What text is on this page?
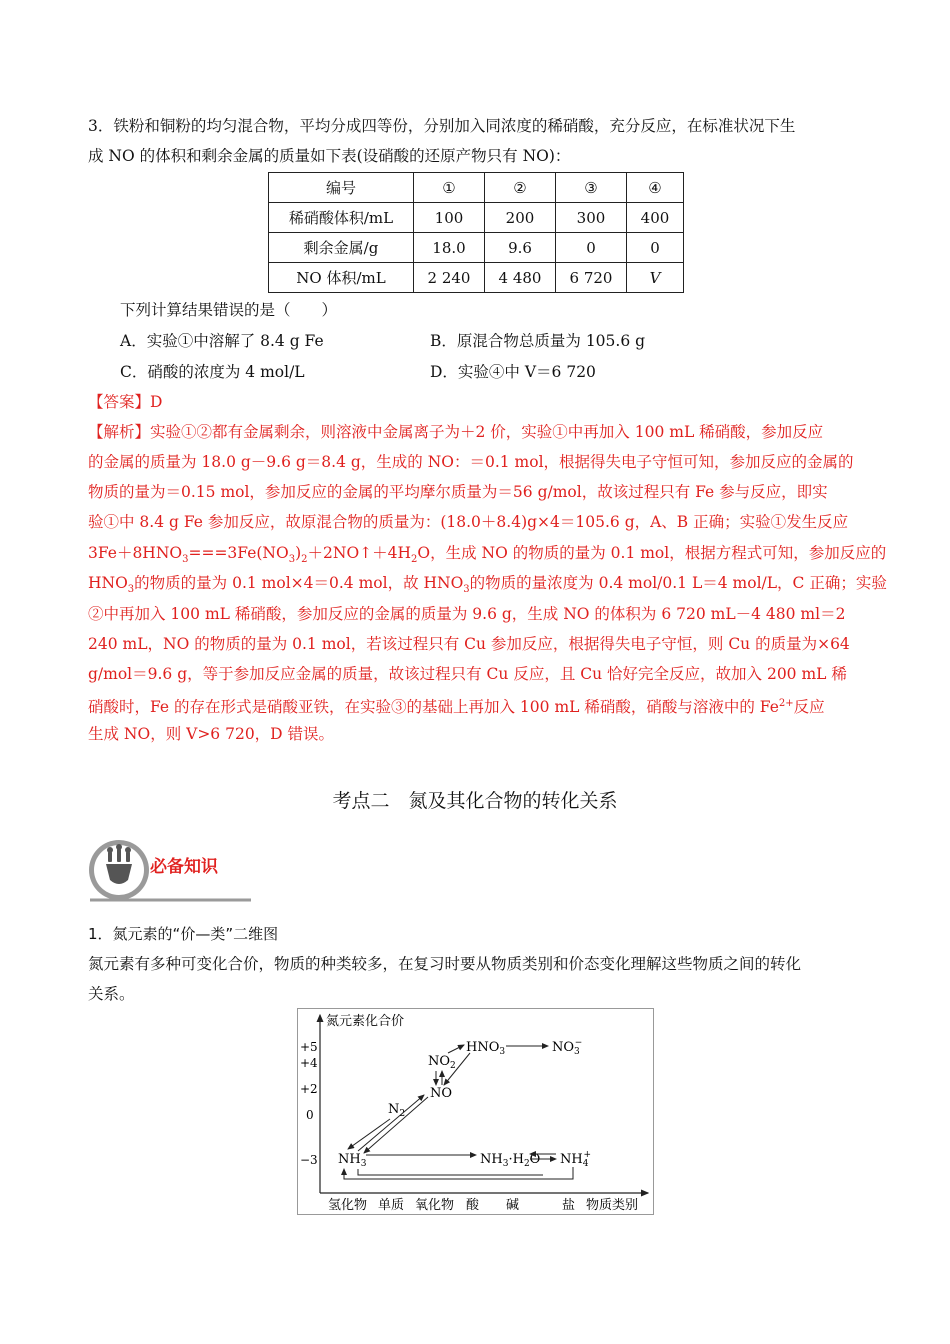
3．铁粉和铜粉的均匀混合物，平均分成四等份，分别加入同浓度的稀硝酸，充分反应，在标准状况下生
成 NO 的体积和剩余金属的质量如下表(设硝酸的还原产物只有 NO)：
编号	①	②	③	④
稀硝酸体积/mL	100	200	300	400
剩余金属/g	18.0	9.6	0	0
NO 体积/mL	2 240	4 480	6 720	V
下列计算结果错误的是（　　）
A．实验①中溶解了 8.4 g Fe	B．原混合物总质量为 105.6 g
C．硝酸的浓度为 4 mol/L	D．实验④中 V＝6 720
【答案】D
【解析】实验①②都有金属剩余，则溶液中金属离子为＋2 价，实验①中再加入 100 mL 稀硝酸，参加反应
的金属的质量为 18.0 g－9.6 g＝8.4 g，生成的 NO：＝0.1 mol，根据得失电子守恒可知，参加反应的金属的
物质的量为＝0.15 mol，参加反应的金属的平均摩尔质量为＝56 g/mol，故该过程只有 Fe 参与反应，即实
验①中 8.4 g Fe 参加反应，故原混合物的质量为：(18.0＋8.4)g×4＝105.6 g，A、B 正确；实验①发生反应
$3Fe+8HNO_3===3Fe(NO_3)_2+2NO↑+4H_2O$，生成 NO 的物质的量为 0.1 mol，根据方程式可知，参加反应的
$HNO_3$的物质的量为 0.1 mol×4＝0.4 mol，故 $HNO_3$的物质的量浓度为 0.4 mol/0.1 L＝4 mol/L，C 正确；实验
②中再加入 100 mL 稀硝酸，参加反应的金属的质量为 9.6 g，生成 NO 的体积为 6 720 mL－4 480 ml＝2
240 mL，NO 的物质的量为 0.1 mol，若该过程只有 Cu 参加反应，根据得失电子守恒，则 Cu 的质量为×64
g/mol＝9.6 g，等于参加反应金属的质量，故该过程只有 Cu 反应，且 Cu 恰好完全反应，故加入 200 mL 稀
硝酸时，Fe 的存在形式是硝酸亚铁，在实验③的基础上再加入 100 mL 稀硝酸，硝酸与溶液中的 $Fe^{2+}$反应
生成 NO，则 V>6 720，D 错误。
考点二　氮及其化合物的转化关系
必备知识
1．氮元素的“价—类”二维图
氮元素有多种可变化合价，物质的种类较多，在复习时要从物质类别和价态变化理解这些物质之间的转化
关系。
氮元素化合价
+5
+4
+2
0
−3
氢化物 单质 氧化物 酸 碱	盐 物质类别
$HNO_3$	$NO_3-$
$NO_2$
NO
$N_2$
$NH_3$	$NH_3\cdot H_2O$ $NH_4+$
